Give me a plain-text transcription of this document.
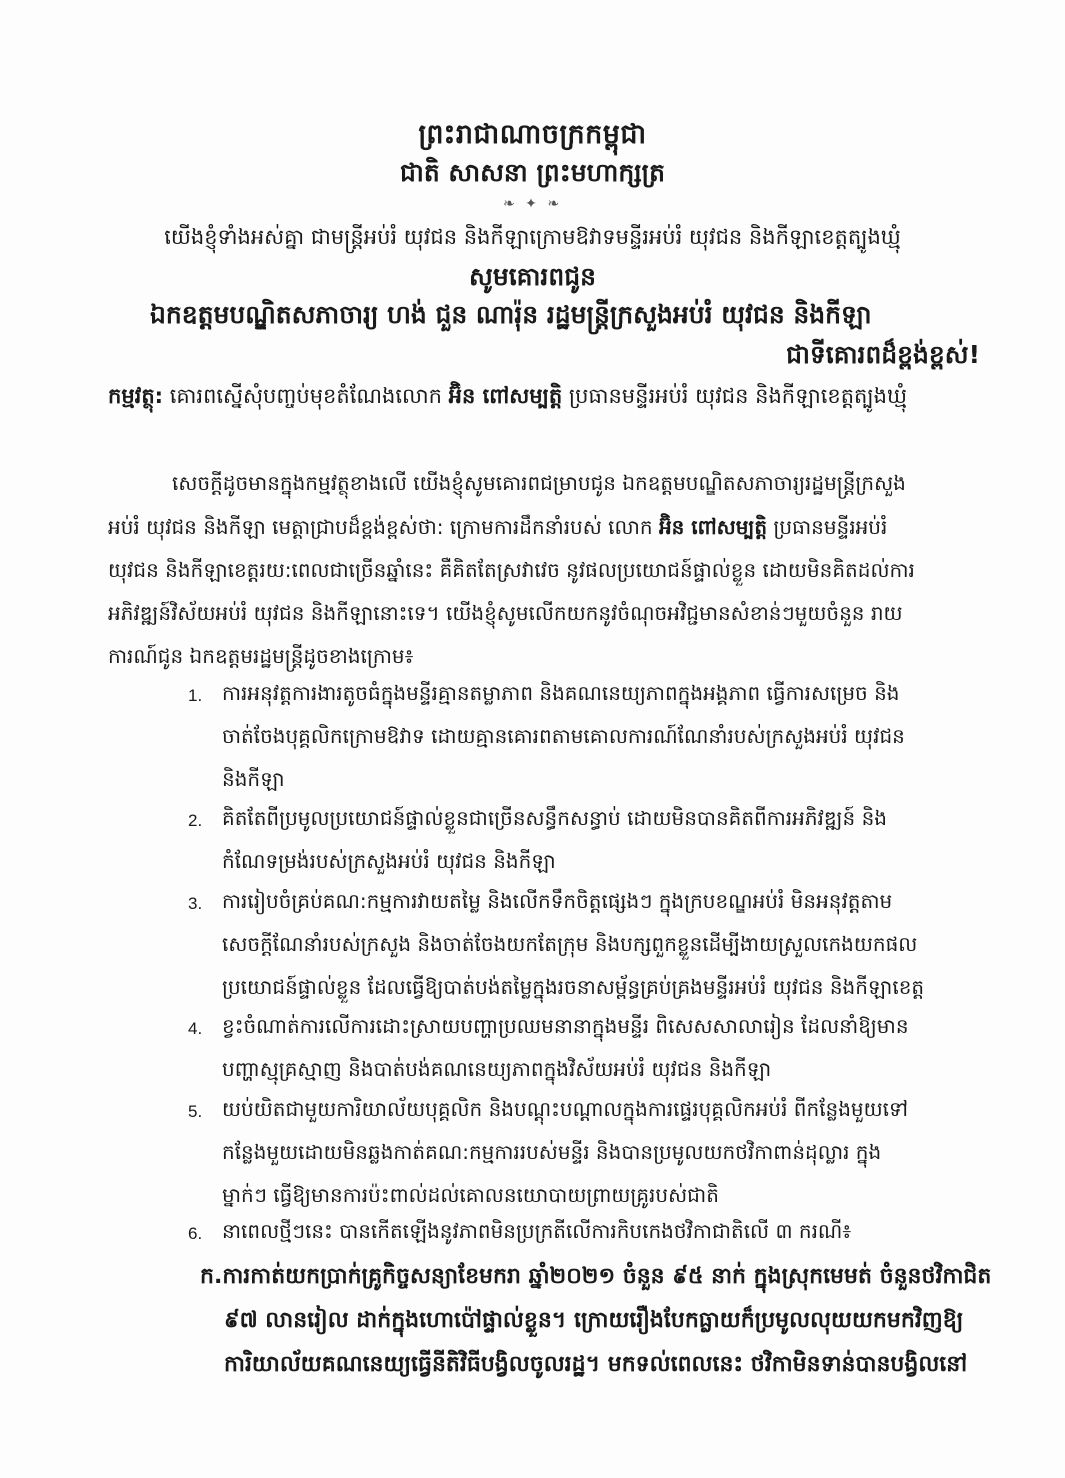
ព្រះរាជាណាចក្រកម្ពុជា
ជាតិ សាសនា ព្រះមហាក្សត្រ
❧ ✦ ❧
យើងខ្ញុំទាំងអស់គ្នា ជាមន្ត្រីអប់រំ យុវជន និងកីឡាក្រោមឱវាទមន្ទីរអប់រំ យុវជន និងកីឡាខេត្តត្បូងឃ្មុំ
សូមគោរពជូន
ឯកឧត្តមបណ្ឌិតសភាចារ្យ ហង់ ជួន ណារ៉ុន រដ្ឋមន្ត្រីក្រសួងអប់រំ យុវជន និងកីឡា
ជាទីគោរពដ៏ខ្ពង់ខ្ពស់!
កម្មវត្ថុ: គោរពស្នើសុំបញ្ចប់មុខតំណែងលោក អ៊ិន ពៅសម្បត្តិ ប្រធានមន្ទីរអប់រំ យុវជន និងកីឡាខេត្តត្បូងឃ្មុំ
សេចក្តីដូចមានក្នុងកម្មវត្ថុខាងលើ យើងខ្ញុំសូមគោរពជម្រាបជូន ឯកឧត្តមបណ្ឌិតសភាចារ្យរដ្ឋមន្ត្រីក្រសួង
អប់រំ យុវជន និងកីឡា មេត្តាជ្រាបដ៏ខ្ពង់ខ្ពស់ថា: ក្រោមការដឹកនាំរបស់ លោក អ៊ិន ពៅសម្បត្តិ ប្រធានមន្ទីរអប់រំ
យុវជន និងកីឡាខេត្តរយ:ពេលជាច្រើនឆ្នាំនេះ គឺគិតតែស្រវាវេច នូវផលប្រយោជន៍ផ្ទាល់ខ្លួន ដោយមិនគិតដល់ការ
អភិវឌ្ឍន៍វិស័យអប់រំ យុវជន និងកីឡានោះទេ។ យើងខ្ញុំសូមលើកយកនូវចំណុចអវិជ្ជមានសំខាន់ៗមួយចំនួន រាយ
ការណ៍ជូន ឯកឧត្តមរដ្ឋមន្ត្រីដូចខាងក្រោម៖
1. ការអនុវត្តការងារតូចធំក្នុងមន្ទីរគ្មានតម្លាភាព និងគណនេយ្យភាពក្នុងអង្គភាព ធ្វើការសម្រេច និង
ចាត់ចែងបុគ្គលិកក្រោមឱវាទ ដោយគ្មានគោរពតាមគោលការណ៍ណែនាំរបស់ក្រសួងអប់រំ យុវជន
និងកីឡា
2. គិតតែពីប្រមូលប្រយោជន៍ផ្ទាល់ខ្លួនជាច្រើនសន្ធឹកសន្ធាប់ ដោយមិនបានគិតពីការអភិវឌ្ឍន៍ និង
កំណែទម្រង់របស់ក្រសួងអប់រំ យុវជន និងកីឡា
3. ការរៀបចំគ្រប់គណ:កម្មការវាយតម្លៃ និងលើកទឹកចិត្តផ្សេងៗ ក្នុងក្របខណ្ឌអប់រំ មិនអនុវត្តតាម
សេចក្តីណែនាំរបស់ក្រសួង និងចាត់ចែងយកតែក្រុម និងបក្សពួកខ្លួនដើម្បីងាយស្រួលកេងយកផល
ប្រយោជន៍ផ្ទាល់ខ្លួន ដែលធ្វើឱ្យបាត់បង់តម្លៃក្នុងរចនាសម្ព័ន្ធគ្រប់គ្រងមន្ទីរអប់រំ យុវជន និងកីឡាខេត្ត
4. ខ្វះចំណាត់ការលើការដោះស្រាយបញ្ហាប្រឈមនានាក្នុងមន្ទីរ ពិសេសសាលារៀន ដែលនាំឱ្យមាន
បញ្ហាស្មុគ្រស្មាញ និងបាត់បង់គណនេយ្យភាពក្នុងវិស័យអប់រំ យុវជន និងកីឡា
5. យប់យិតជាមួយការិយាល័យបុគ្គលិក និងបណ្តុះបណ្តាលក្នុងការផ្ទេរបុគ្គលិកអប់រំ ពីកន្លែងមួយទៅ
កន្លែងមួយដោយមិនឆ្លងកាត់គណ:កម្មការរបស់មន្ទីរ និងបានប្រមូលយកថវិកាពាន់ដុល្លារ ក្នុង
ម្នាក់ៗ ធ្វើឱ្យមានការប៉ះពាល់ដល់គោលនយោបាយព្រាយគ្រូរបស់ជាតិ
6. នាពេលថ្មីៗនេះ បានកើតឡើងនូវភាពមិនប្រក្រតីលើការកិបកេងថវិកាជាតិលើ ៣ ករណី៖
ក.ការកាត់យកប្រាក់គ្រូកិច្ចសន្យាខែមករា ឆ្នាំ២០២១ ចំនួន ៩៥ នាក់ ក្នុងស្រុកមេមត់ ចំនួនថវិកាជិត
៩៧ លានរៀល ដាក់ក្នុងហោប៉ៅផ្ទាល់ខ្លួន។ ក្រោយរឿងបែកធ្លាយក៏ប្រមូលលុយយកមកវិញឱ្យ
ការិយាល័យគណនេយ្យធ្វើនីតិវិធីបង្វិលចូលរដ្ឋ។ មកទល់ពេលនេះ ថវិកាមិនទាន់បានបង្វិលនៅ
